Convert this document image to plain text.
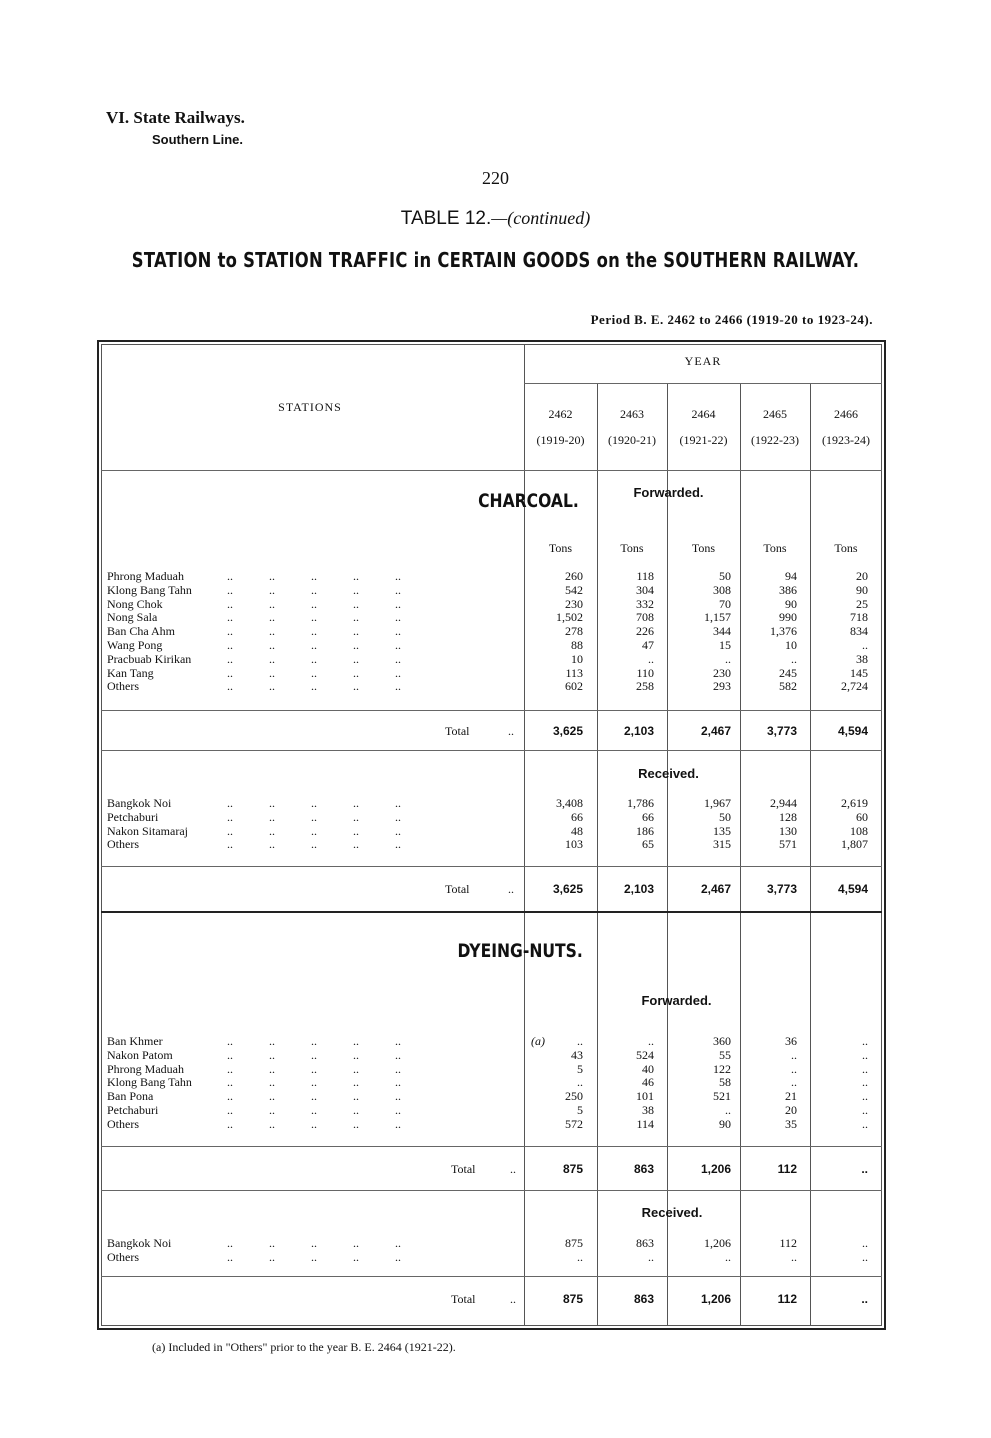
VI. State Railways.
Southern Line.
220
TABLE 12.—(continued)
STATION to STATION TRAFFIC in CERTAIN GOODS on the SOUTHERN RAILWAY.
Period B. E. 2462 to 2466 (1919-20 to 1923-24).
STATIONS
YEAR
2462	2463	2464	2465	2466
(1919-20)	(1920-21)	(1921-22)	(1922-23)	(1923-24)
CHARCOAL.	Forwarded.
Tons	Tons	Tons	Tons	Tons
Phrong Maduah	..            ..            ..            ..            ..	260	118	50	94	20
Klong Bang Tahn	..            ..            ..            ..            ..	542	304	308	386	90
Nong Chok	..            ..            ..            ..            ..	230	332	70	90	25
Nong Sala	..            ..            ..            ..            ..	1,502	708	1,157	990	718
Ban Cha Ahm	..            ..            ..            ..            ..	278	226	344	1,376	834
Wang Pong	..            ..            ..            ..            ..	88	47	15	10	..
Pracbuab Kirikan	..            ..            ..            ..            ..	10	..	..	..	38
Kan Tang	..            ..            ..            ..            ..	113	110	230	245	145
Others	..            ..            ..            ..            ..	602	258	293	582	2,724
Total	..	3,625	2,103	2,467	3,773	4,594
Received.
Bangkok Noi	..            ..            ..            ..            ..	3,408	1,786	1,967	2,944	2,619
Petchaburi	..            ..            ..            ..            ..	66	66	50	128	60
Nakon Sitamaraj	..            ..            ..            ..            ..	48	186	135	130	108
Others	..            ..            ..            ..            ..	103	65	315	571	1,807
Total	..	3,625	2,103	2,467	3,773	4,594
DYEING-NUTS.
Forwarded.
(a)
Ban Khmer	..            ..            ..            ..            ..	..	..	360	36	..
Nakon Patom	..            ..            ..            ..            ..	43	524	55	..	..
Phrong Maduah	..            ..            ..            ..            ..	5	40	122	..	..
Klong Bang Tahn	..            ..            ..            ..            ..	..	46	58	..	..
Ban Pona	..            ..            ..            ..            ..	250	101	521	21	..
Petchaburi	..            ..            ..            ..            ..	5	38	..	20	..
Others	..            ..            ..            ..            ..	572	114	90	35	..
Total	..	875	863	1,206	112	..
Received.
Bangkok Noi	..            ..            ..            ..            ..	875	863	1,206	112	..
Others	..            ..            ..            ..            ..	..	..	..	..	..
Total	..	875	863	1,206	112	..
(a) Included in "Others" prior to the year B. E. 2464 (1921-22).
